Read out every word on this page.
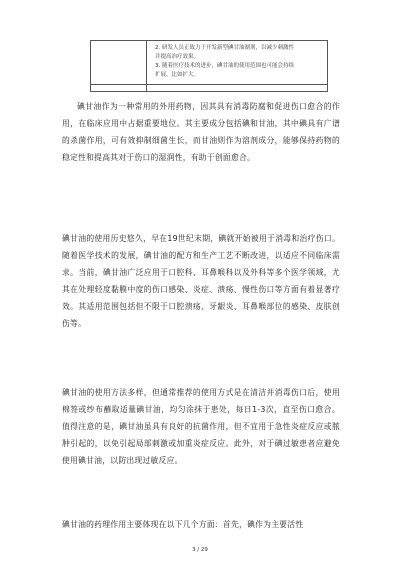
2. 研发人员正致力于开发新型碘甘油制剂，以减少刺激性
并提高治疗效果。
3. 随着医疗技术的进步，碘甘油的使用范围也可能会持续
扩展，比如扩大。

碘甘油作为一种常用的外用药物，因其具有消毒防腐和促进伤口愈合的作用，在临床应用中占据重要地位。其主要成分包括碘和甘油，其中碘具有广谱的杀菌作用，可有效抑制细菌生长，而甘油则作为溶剂成分，能够保持药物的稳定性和提高其对于伤口的湿润性，有助于创面愈合。

碘甘油的使用历史悠久，早在19世纪末期，碘就开始被用于消毒和治疗伤口。随着医学技术的发展，碘甘油的配方和生产工艺不断改进，以适应不同临床需求。当前，碘甘油广泛应用于口腔科、耳鼻喉科以及外科等多个医学领域，尤其在处理轻度黏膜中度的伤口感染、炎症、溃疡、慢性伤口等方面有着显著疗效。其适用范围包括但不限于口腔溃疡、牙龈炎、耳鼻喉部位的感染、皮肤创伤等。

碘甘油的使用方法多样，但通常推荐的使用方式是在清洁并消毒伤口后，使用棉签或纱布蘸取适量碘甘油，均匀涂抹于患处，每日1-3次，直至伤口愈合。值得注意的是，碘甘油虽具有良好的抗菌作用，但不宜用于急性炎症反应或脓肿引起的，以免引起局部刺激或加重炎症反应。此外，对于碘过敏患者应避免使用碘甘油，以防出现过敏反应。

碘甘油的药理作用主要体现在以下几个方面：首先，碘作为主要活性

3 / 29
